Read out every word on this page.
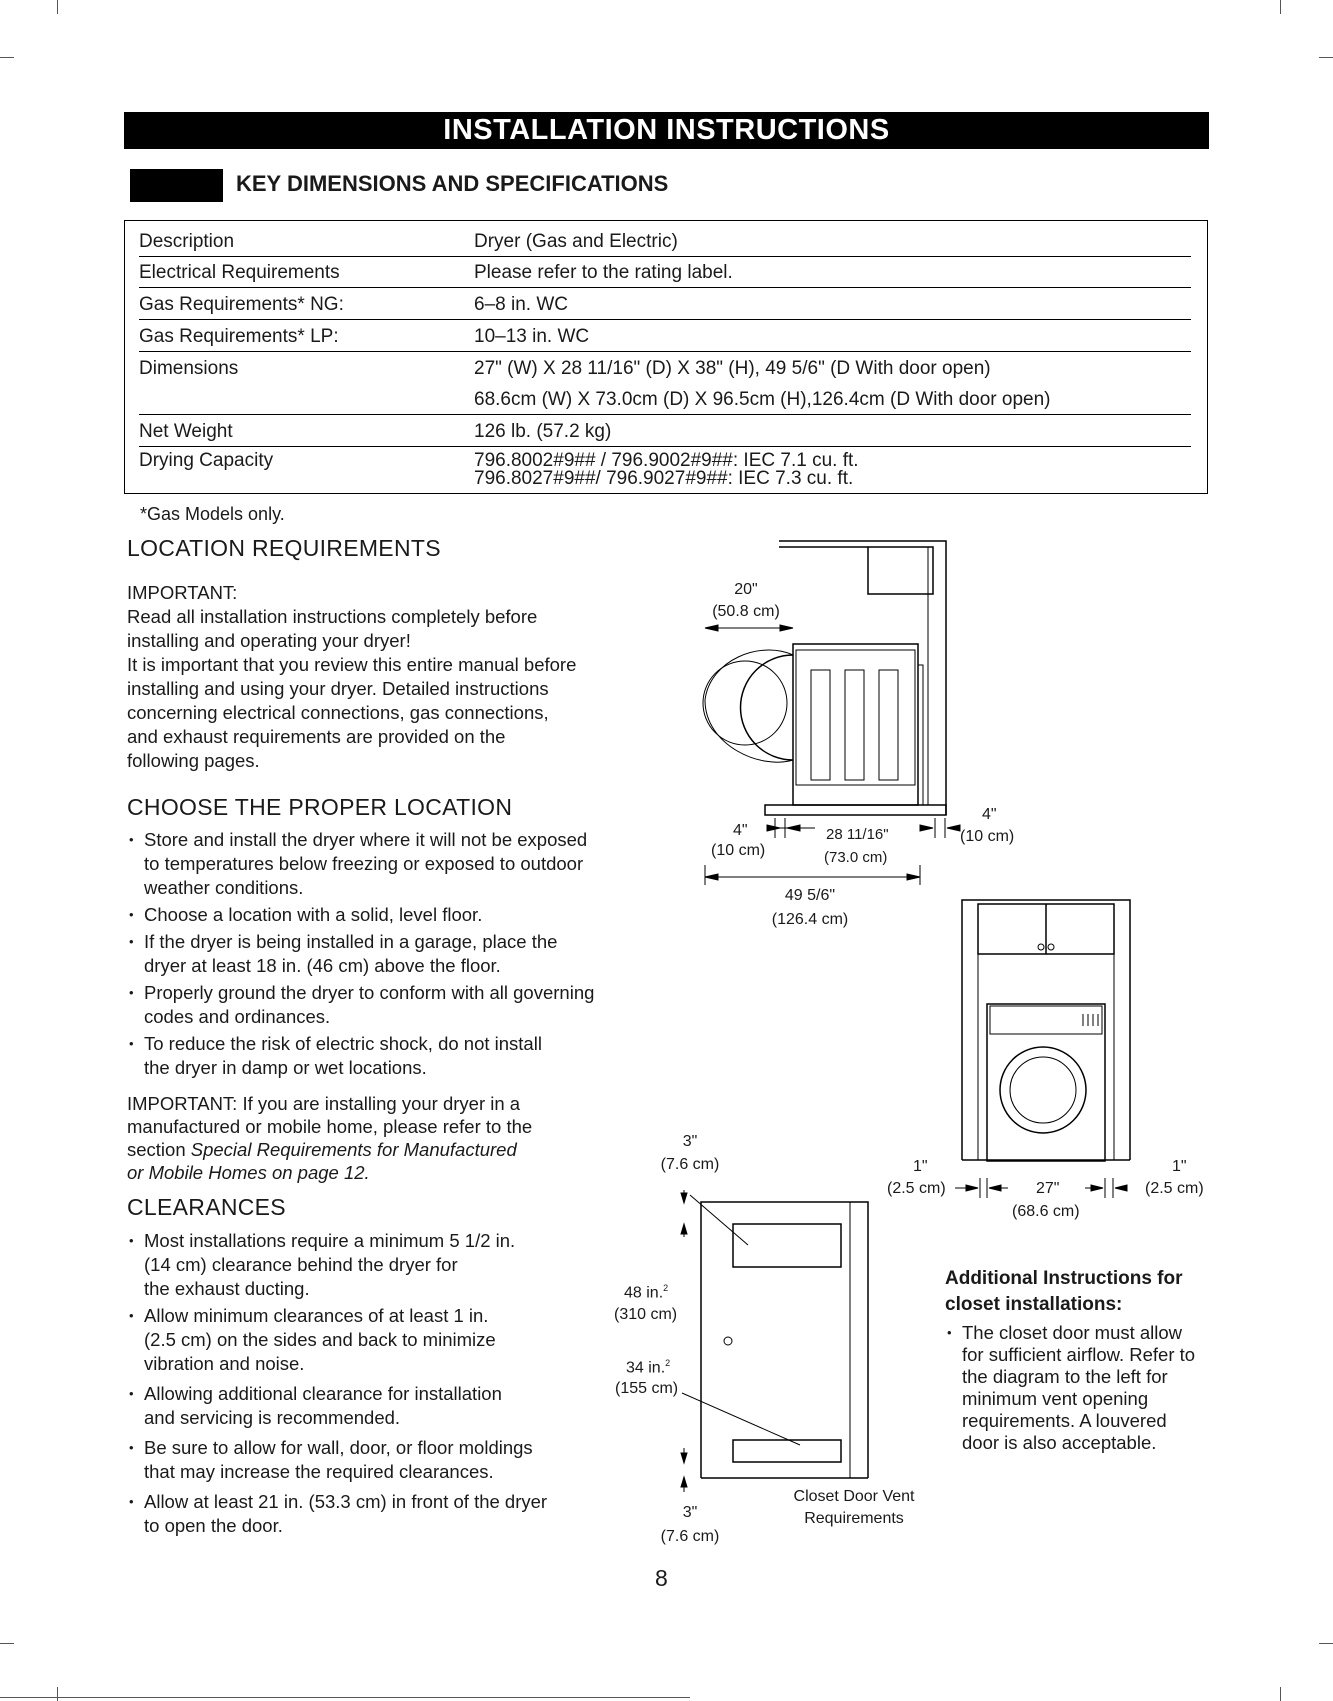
INSTALLATION INSTRUCTIONS
KEY DIMENSIONS AND SPECIFICATIONS
Description	Dryer (Gas and Electric)
Electrical Requirements	Please refer to the rating label.
Gas Requirements* NG:	6–8 in. WC
Gas Requirements* LP:	10–13 in. WC
Dimensions	27" (W) X 28 11/16" (D) X 38" (H), 49 5/6" (D With door open)
68.6cm (W) X 73.0cm (D) X 96.5cm (H),126.4cm (D With door open)
Net Weight	126 lb. (57.2 kg)
Drying Capacity	796.8002#9## / 796.9002#9##: IEC 7.1 cu. ft.
796.8027#9##/ 796.9027#9##: IEC 7.3 cu. ft.
*Gas Models only.
LOCATION REQUIREMENTS
IMPORTANT:
Read all installation instructions completely before
installing and operating your dryer!
It is important that you review this entire manual before
installing and using your dryer. Detailed instructions
concerning electrical connections, gas connections,
and exhaust requirements are provided on the
following pages.
CHOOSE THE PROPER LOCATION
• Store and install the dryer where it will not be exposed
to temperatures below freezing or exposed to outdoor
weather conditions.
• Choose a location with a solid, level floor.
• If the dryer is being installed in a garage, place the
dryer at least 18 in. (46 cm) above the floor.
• Properly ground the dryer to conform with all governing
codes and ordinances.
• To reduce the risk of electric shock, do not install
the dryer in damp or wet locations.
IMPORTANT: If you are installing your dryer in a
manufactured or mobile home, please refer to the
section Special Requirements for Manufactured
or Mobile Homes on page 12.
CLEARANCES
• Most installations require a minimum 5 1/2 in.
(14 cm) clearance behind the dryer for
the exhaust ducting.
• Allow minimum clearances of at least 1 in.
(2.5 cm) on the sides and back to minimize
vibration and noise.
• Allowing additional clearance for installation
and servicing is recommended.
• Be sure to allow for wall, door, or floor moldings
that may increase the required clearances.
• Allow at least 21 in. (53.3 cm) in front of the dryer
to open the door.
20"
(50.8 cm)
4"
(10 cm)
28 11/16"
(73.0 cm)
4"
(10 cm)
49 5/6"
(126.4 cm)
1"
(2.5 cm)	27"
(68.6 cm)
1"
(2.5 cm)
3"
(7.6 cm)
48 in.$^2$
(310 cm)
34 in.$^2$
(155 cm)
3"
(7.6 cm)
Closet Door Vent
Requirements
Additional Instructions for
closet installations:
• The closet door must allow
for sufficient airflow. Refer to
the diagram to the left for
minimum vent opening
requirements. A louvered
door is also acceptable.
8
